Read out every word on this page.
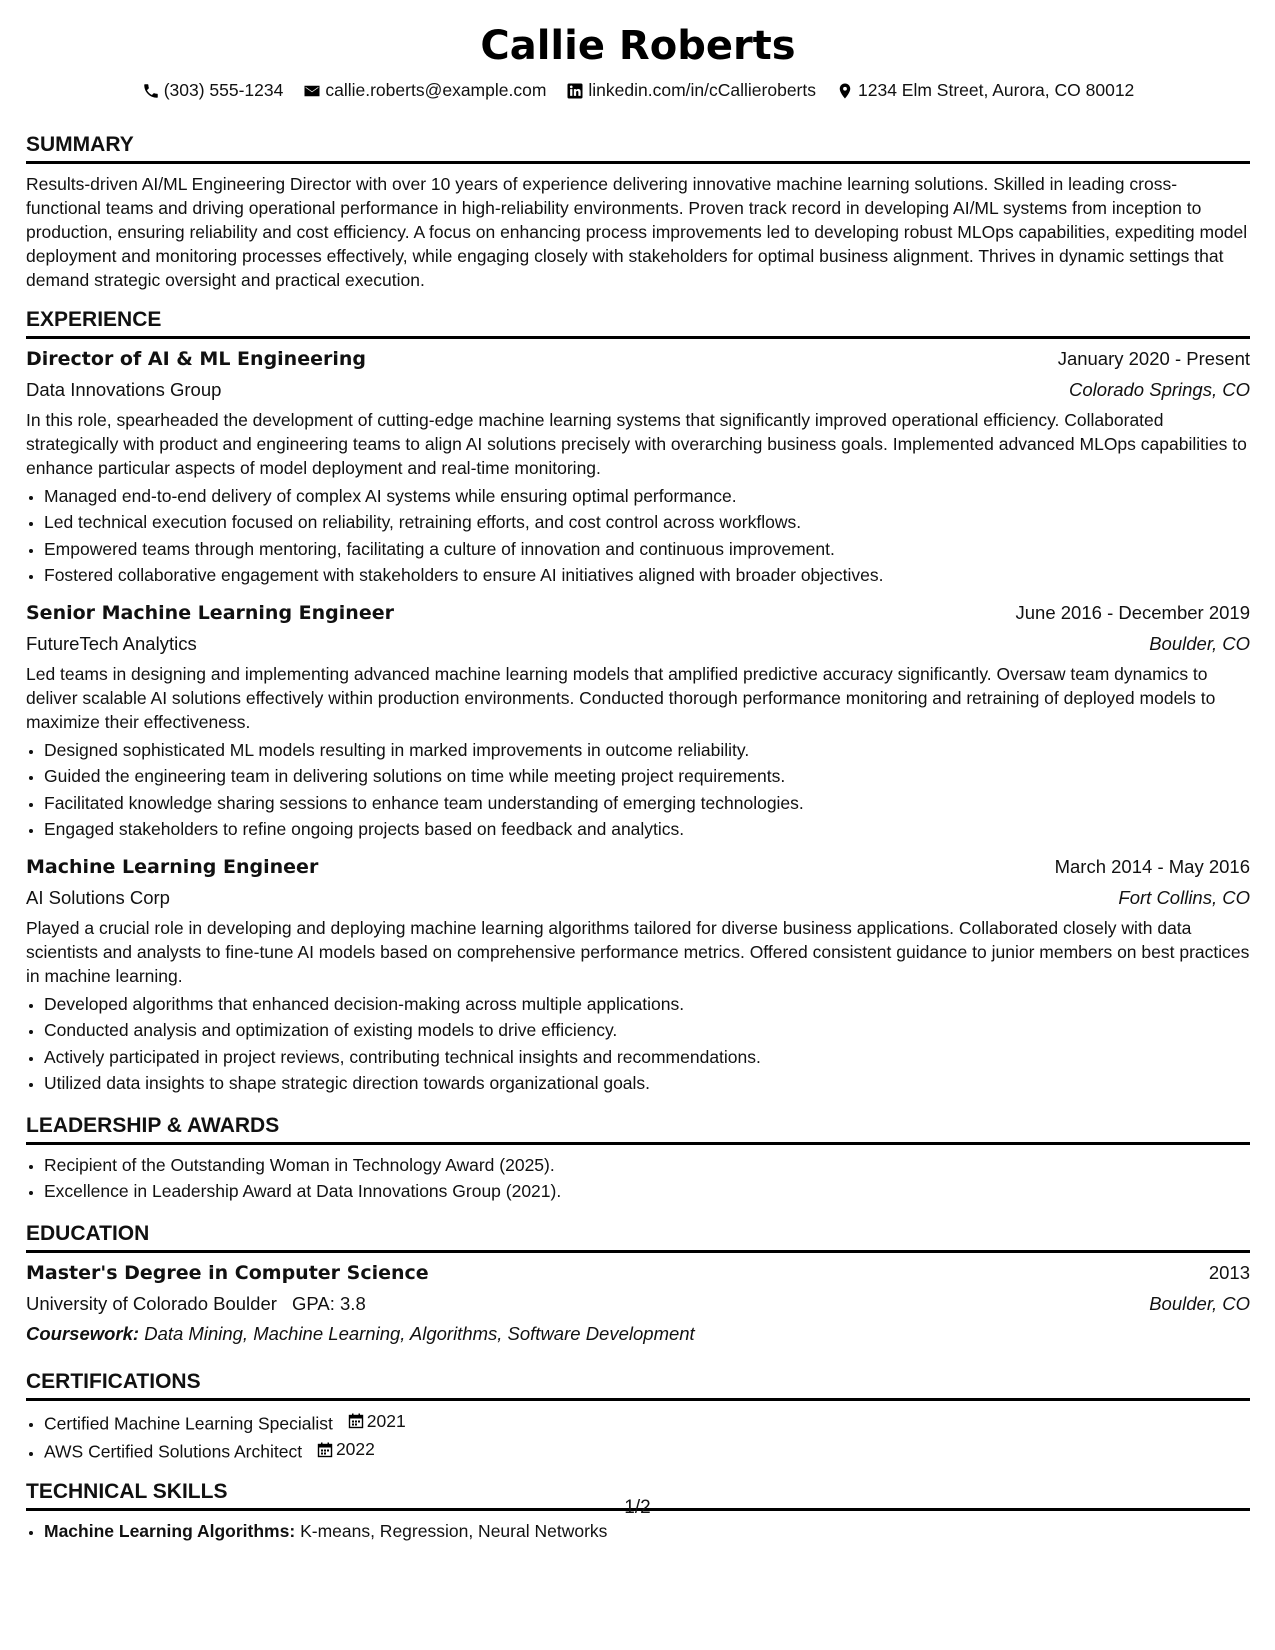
Callie Roberts
(303) 555-1234 callie.roberts@example.com linkedin.com/in/cCallieroberts 1234 Elm Street, Aurora, CO 80012
SUMMARY

Results-driven AI/ML Engineering Director with over 10 years of experience delivering innovative machine learning solutions. Skilled in leading cross-functional teams and driving operational performance in high-reliability environments. Proven track record in developing AI/ML systems from inception to production, ensuring reliability and cost efficiency. A focus on enhancing process improvements led to developing robust MLOps capabilities, expediting model deployment and monitoring processes effectively, while engaging closely with stakeholders for optimal business alignment. Thrives in dynamic settings that demand strategic oversight and practical execution.

EXPERIENCE
Director of AI & ML Engineering	January 2020 - Present
Data Innovations Group	Colorado Springs, CO

In this role, spearheaded the development of cutting-edge machine learning systems that significantly improved operational efficiency. Collaborated strategically with product and engineering teams to align AI solutions precisely with overarching business goals. Implemented advanced MLOps capabilities to enhance particular aspects of model deployment and real-time monitoring.

• Managed end-to-end delivery of complex AI systems while ensuring optimal performance.
• Led technical execution focused on reliability, retraining efforts, and cost control across workflows.
• Empowered teams through mentoring, facilitating a culture of innovation and continuous improvement.
• Fostered collaborative engagement with stakeholders to ensure AI initiatives aligned with broader objectives.
Senior Machine Learning Engineer	June 2016 - December 2019
FutureTech Analytics	Boulder, CO

Led teams in designing and implementing advanced machine learning models that amplified predictive accuracy significantly. Oversaw team dynamics to deliver scalable AI solutions effectively within production environments. Conducted thorough performance monitoring and retraining of deployed models to maximize their effectiveness.

• Designed sophisticated ML models resulting in marked improvements in outcome reliability.
• Guided the engineering team in delivering solutions on time while meeting project requirements.
• Facilitated knowledge sharing sessions to enhance team understanding of emerging technologies.
• Engaged stakeholders to refine ongoing projects based on feedback and analytics.
Machine Learning Engineer	March 2014 - May 2016
AI Solutions Corp	Fort Collins, CO

Played a crucial role in developing and deploying machine learning algorithms tailored for diverse business applications. Collaborated closely with data scientists and analysts to fine-tune AI models based on comprehensive performance metrics. Offered consistent guidance to junior members on best practices in machine learning.

• Developed algorithms that enhanced decision-making across multiple applications.
• Conducted analysis and optimization of existing models to drive efficiency.
• Actively participated in project reviews, contributing technical insights and recommendations.
• Utilized data insights to shape strategic direction towards organizational goals.
LEADERSHIP & AWARDS
• Recipient of the Outstanding Woman in Technology Award (2025).
• Excellence in Leadership Award at Data Innovations Group (2021).
EDUCATION
Master's Degree in Computer Science	2013
University of Colorado Boulder GPA: 3.8	Boulder, CO
Coursework: Data Mining, Machine Learning, Algorithms, Software Development
CERTIFICATIONS
• Certified Machine Learning Specialist 2021
• AWS Certified Solutions Architect 2022
TECHNICAL SKILLS
• Machine Learning Algorithms: K-means, Regression, Neural Networks
1/2
